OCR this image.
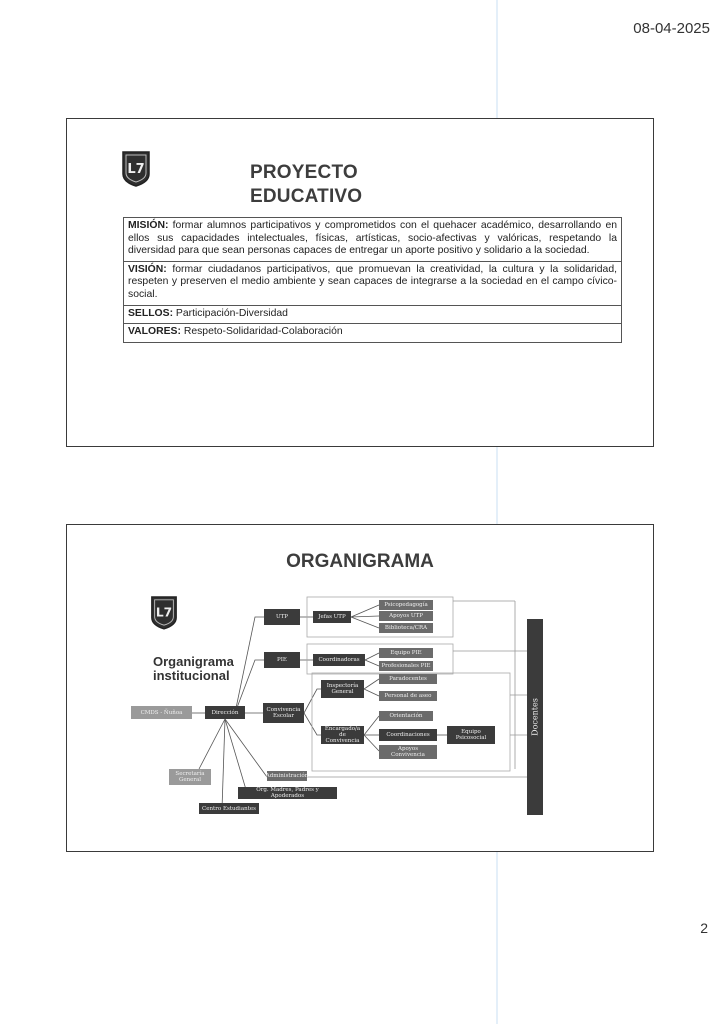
08-04-2025
L7	PROYECTO
EDUCATIVO
MISIÓN: formar alumnos participativos y comprometidos con el quehacer académico, desarrollando en ellos sus capacidades intelectuales, físicas, artísticas, socio-afectivas y valóricas, respetando la diversidad para que sean personas capaces de entregar un aporte positivo y solidario a la sociedad.
VISIÓN: formar ciudadanos participativos, que promuevan la creatividad, la cultura y la solidaridad, respeten y preserven el medio ambiente y sean capaces de integrarse a la sociedad en el campo cívico-social.
SELLOS: Participación-Diversidad
VALORES: Respeto-Solidaridad-Colaboración
ORGANIGRAMA
L7
Organigrama
institucional
CMDS - Ñuñoa	Dirección
UTP	Jefas UTP
Psicopedagogía
Apoyos UTP
Biblioteca/CRA
PIE	Coordinadoras
Equipo PIE
Profesionales PIE
Convivencia Escolar
Inspectoría General
Paradocentes
Personal de aseo
Encargado/a de Convivencia
Orientación
Coordinaciones
Apoyos Convivencia
Equipo Psicosocial
Secretaría General
Administración
Org. Madres, Padres y Apoderados
Centro Estudiantes
Docentes
2
